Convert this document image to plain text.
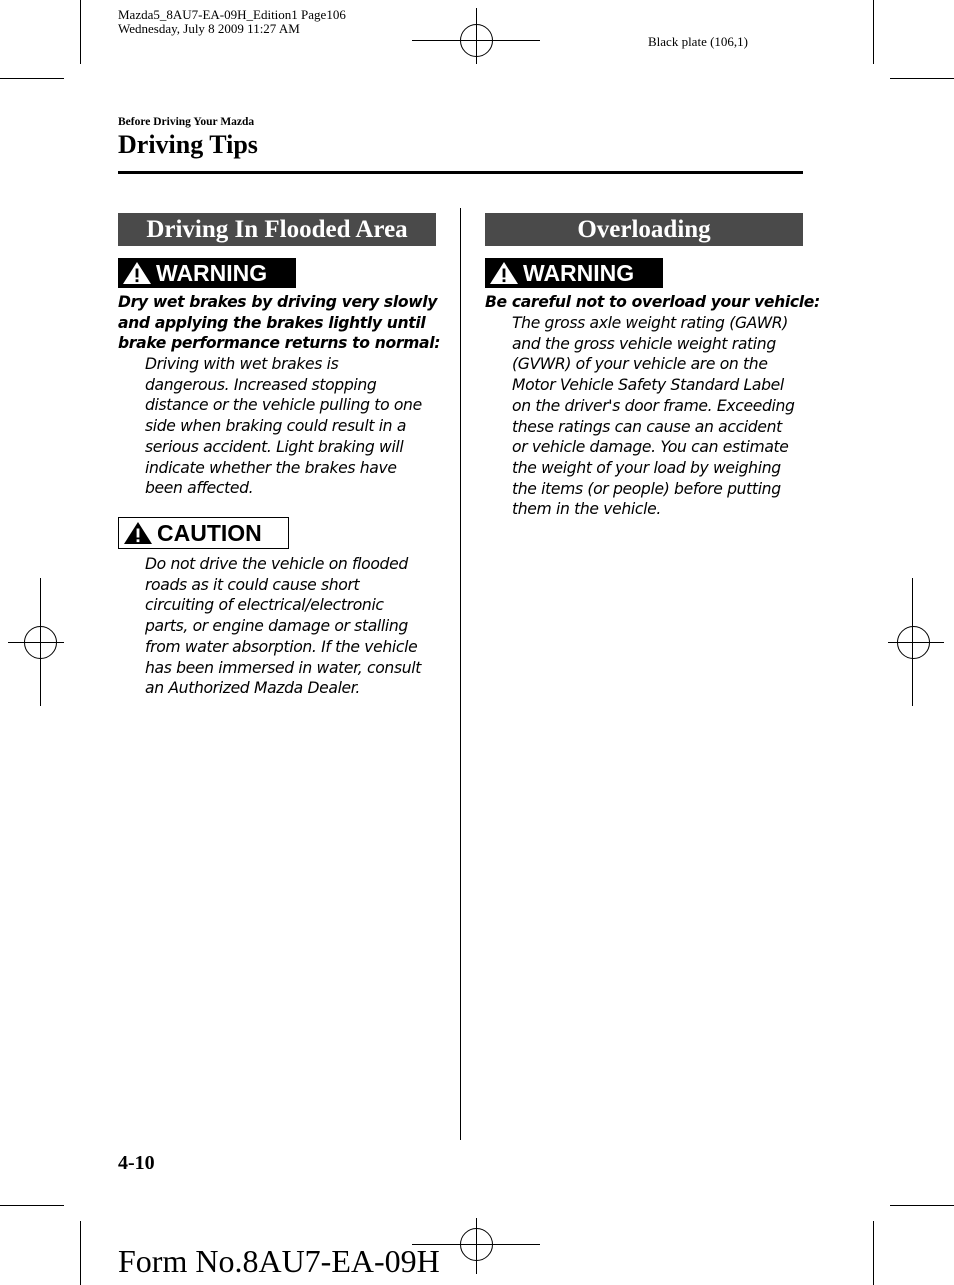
Mazda5_8AU7-EA-09H_Edition1 Page106
Wednesday, July 8 2009 11:27 AM
Black plate (106,1)
Before Driving Your Mazda
Driving Tips
Driving In Flooded Area
WARNING
Dry wet brakes by driving very slowly
and applying the brakes lightly until
brake performance returns to normal:
Driving with wet brakes is
dangerous. Increased stopping
distance or the vehicle pulling to one
side when braking could result in a
serious accident. Light braking will
indicate whether the brakes have
been affected.
CAUTION
Do not drive the vehicle on flooded
roads as it could cause short
circuiting of electrical/electronic
parts, or engine damage or stalling
from water absorption. If the vehicle
has been immersed in water, consult
an Authorized Mazda Dealer.
Overloading
WARNING
Be careful not to overload your vehicle:
The gross axle weight rating (GAWR)
and the gross vehicle weight rating
(GVWR) of your vehicle are on the
Motor Vehicle Safety Standard Label
on the driver's door frame. Exceeding
these ratings can cause an accident
or vehicle damage. You can estimate
the weight of your load by weighing
the items (or people) before putting
them in the vehicle.
4-10
Form No.8AU7-EA-09H
